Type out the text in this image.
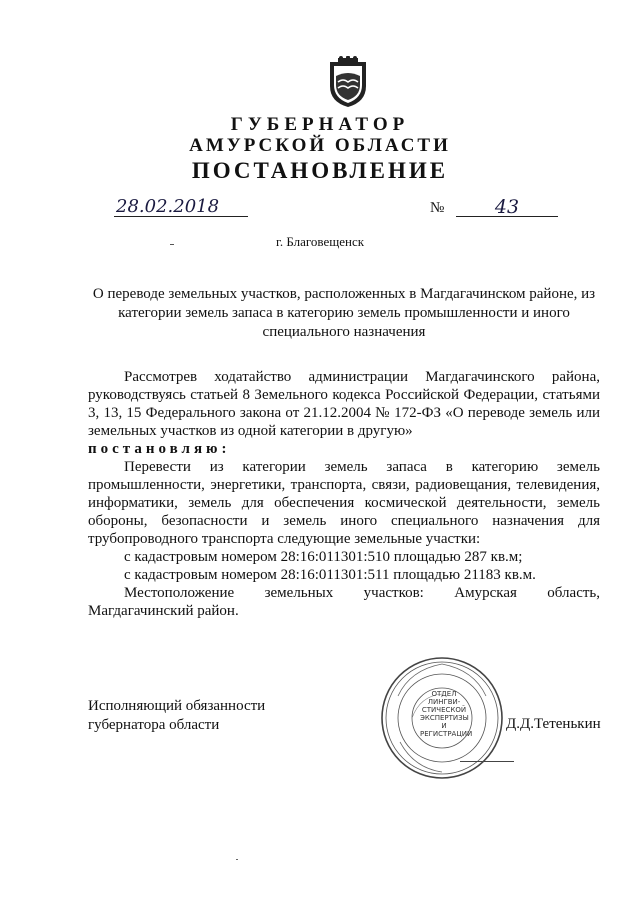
ГУБЕРНАТОР
АМУРСКОЙ ОБЛАСТИ
ПОСТАНОВЛЕНИЕ
28.02.2018	№	43
г. Благовещенск
О переводе земельных участков, расположенных в Магдагачинском районе, из
категории земель запаса в категорию земель промышленности и иного
специального назначения

Рассмотрев ходатайство администрации Магдагачинского района, руководствуясь статьей 8 Земельного кодекса Российской Федерации, статьями 3, 13, 15 Федерального закона от 21.12.2004 № 172-ФЗ «О переводе земель или земельных участков из одной категории в другую»

постановляю:

Перевести из категории земель запаса в категорию земель промышленности, энергетики, транспорта, связи, радиовещания, телевидения, информатики, земель для обеспечения космической деятельности, земель обороны, безопасности и земель иного специального назначения для трубопроводного транспорта следующие земельные участки:

с кадастровым номером 28:16:011301:510 площадью 287 кв.м;

с кадастровым номером 28:16:011301:511 площадью 21183 кв.м.

Местоположение земельных участков: Амурская область, Магдагачинский район.

Исполняющий обязанности
губернатора области
ОТДЕЛ
ЛИНГВИ-
СТИЧЕСКОЙ
ЭКСПЕРТИЗЫ И
РЕГИСТРАЦИИ
Д.Д.Тетенькин
